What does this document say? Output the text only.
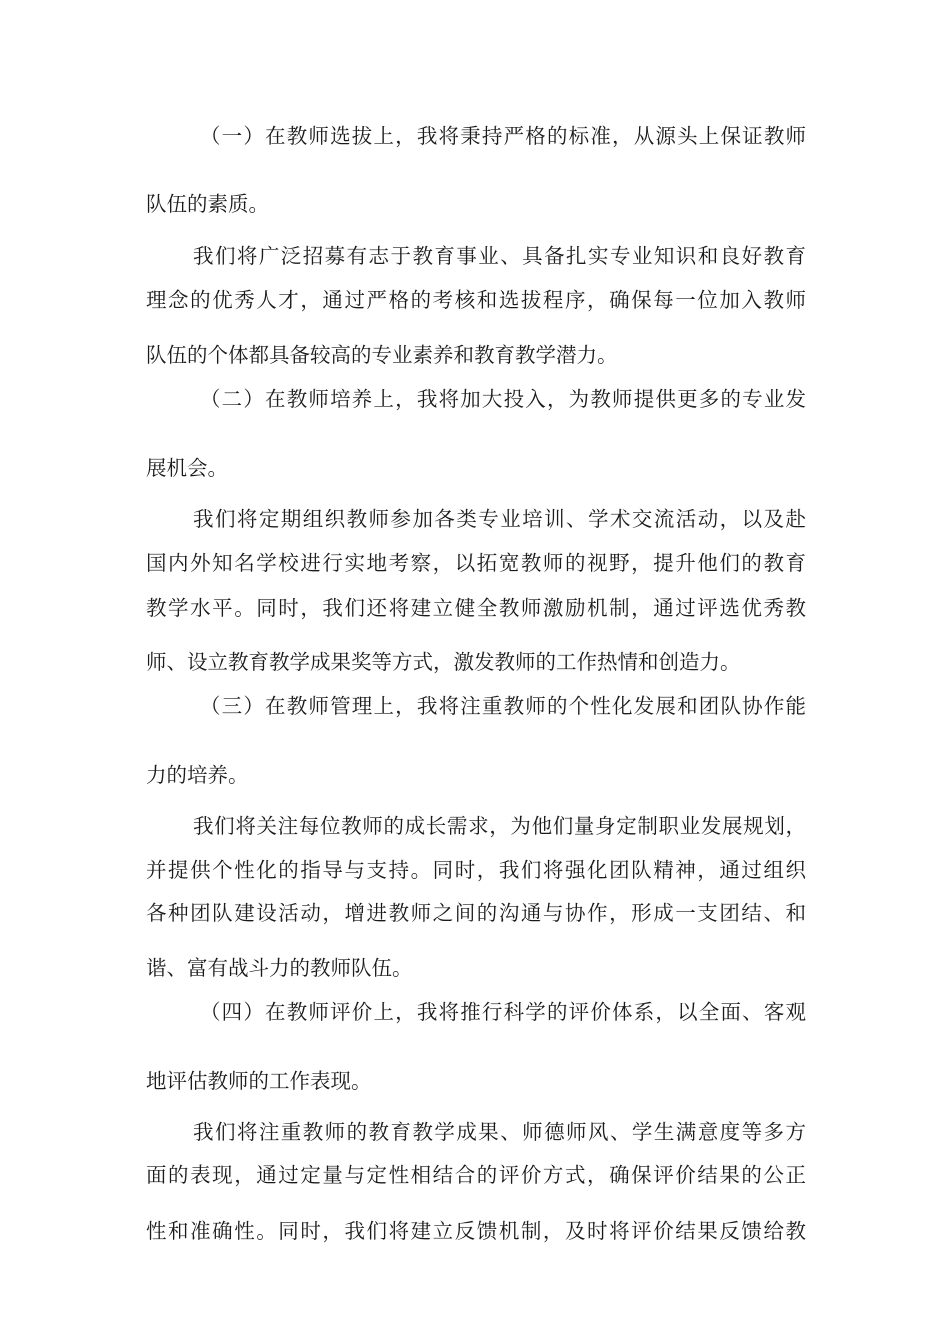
（一）在教师选拔上，我将秉持严格的标准，从源头上保证教师
队伍的素质。
我们将广泛招募有志于教育事业、具备扎实专业知识和良好教育
理念的优秀人才，通过严格的考核和选拔程序，确保每一位加入教师
队伍的个体都具备较高的专业素养和教育教学潜力。
（二）在教师培养上，我将加大投入，为教师提供更多的专业发
展机会。
我们将定期组织教师参加各类专业培训、学术交流活动，以及赴
国内外知名学校进行实地考察，以拓宽教师的视野，提升他们的教育
教学水平。同时，我们还将建立健全教师激励机制，通过评选优秀教
师、设立教育教学成果奖等方式，激发教师的工作热情和创造力。
（三）在教师管理上，我将注重教师的个性化发展和团队协作能
力的培养。
我们将关注每位教师的成长需求，为他们量身定制职业发展规划，
并提供个性化的指导与支持。同时，我们将强化团队精神，通过组织
各种团队建设活动，增进教师之间的沟通与协作，形成一支团结、和
谐、富有战斗力的教师队伍。
（四）在教师评价上，我将推行科学的评价体系，以全面、客观
地评估教师的工作表现。
我们将注重教师的教育教学成果、师德师风、学生满意度等多方
面的表现，通过定量与定性相结合的评价方式，确保评价结果的公正
性和准确性。同时，我们将建立反馈机制，及时将评价结果反馈给教
